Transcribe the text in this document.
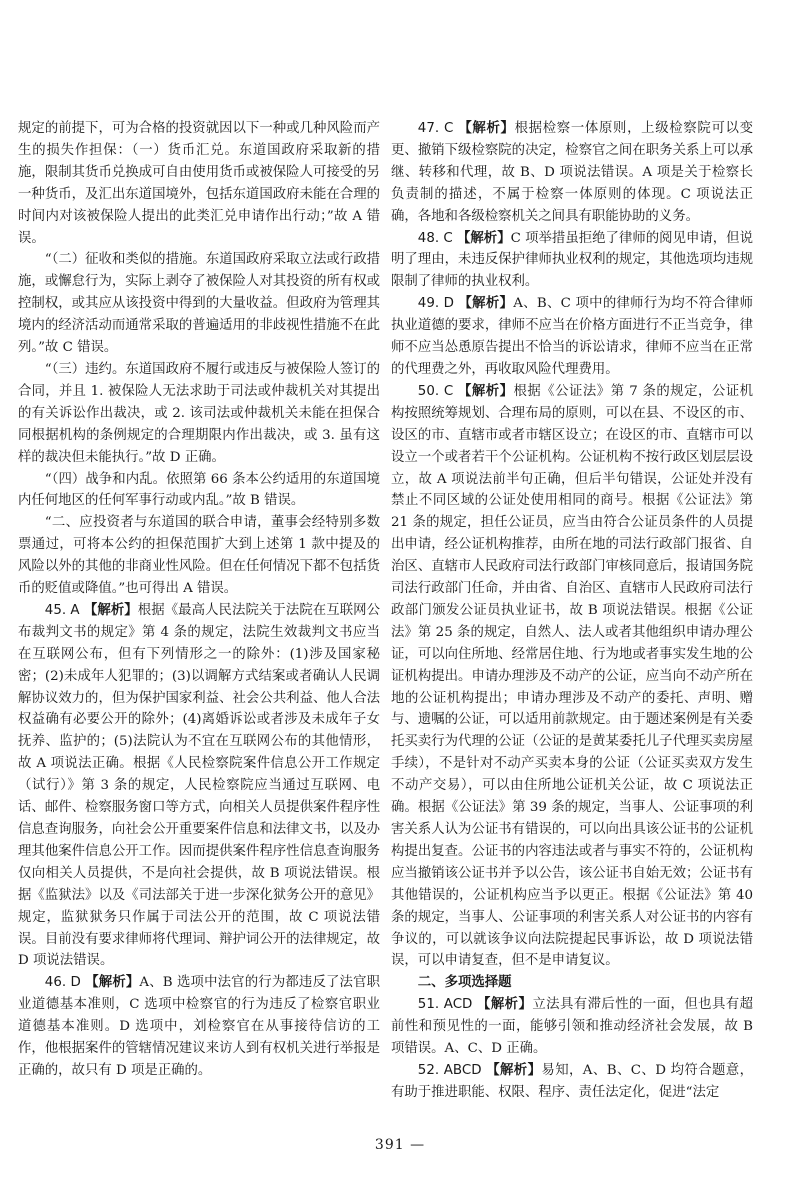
规定的前提下，可为合格的投资就因以下一种或几种风险而产生的损失作担保：（一）货币汇兑。东道国政府采取新的措施，限制其货币兑换成可自由使用货币或被保险人可接受的另一种货币，及汇出东道国境外，包括东道国政府未能在合理的时间内对该被保险人提出的此类汇兑申请作出行动；”故 A 错误。

“（二）征收和类似的措施。东道国政府采取立法或行政措施，或懈怠行为，实际上剥夺了被保险人对其投资的所有权或控制权，或其应从该投资中得到的大量收益。但政府为管理其境内的经济活动而通常采取的普遍适用的非歧视性措施不在此列。”故 C 错误。

“（三）违约。东道国政府不履行或违反与被保险人签订的合同，并且 1. 被保险人无法求助于司法或仲裁机关对其提出的有关诉讼作出裁决，或 2. 该司法或仲裁机关未能在担保合同根据机构的条例规定的合理期限内作出裁决，或 3. 虽有这样的裁决但未能执行。”故 D 正确。

“（四）战争和内乱。依照第 66 条本公约适用的东道国境内任何地区的任何军事行动或内乱。”故 B 错误。

“二、应投资者与东道国的联合申请，董事会经特别多数票通过，可将本公约的担保范围扩大到上述第 1 款中提及的风险以外的其他的非商业性风险。但在任何情况下都不包括货币的贬值或降值。”也可得出 A 错误。

45. A 【解析】根据《最高人民法院关于法院在互联网公布裁判文书的规定》第 4 条的规定，法院生效裁判文书应当在互联网公布，但有下列情形之一的除外：(1)涉及国家秘密；(2)未成年人犯罪的；(3)以调解方式结案或者确认人民调解协议效力的，但为保护国家利益、社会公共利益、他人合法权益确有必要公开的除外；(4)离婚诉讼或者涉及未成年子女抚养、监护的；(5)法院认为不宜在互联网公布的其他情形，故 A 项说法正确。根据《人民检察院案件信息公开工作规定（试行）》第 3 条的规定，人民检察院应当通过互联网、电话、邮件、检察服务窗口等方式，向相关人员提供案件程序性信息查询服务，向社会公开重要案件信息和法律文书，以及办理其他案件信息公开工作。因而提供案件程序性信息查询服务仅向相关人员提供，不是向社会提供，故 B 项说法错误。根据《监狱法》以及《司法部关于进一步深化狱务公开的意见》规定，监狱狱务只作属于司法公开的范围，故 C 项说法错误。目前没有要求律师将代理词、辩护词公开的法律规定，故 D 项说法错误。

46. D 【解析】A、B 选项中法官的行为都违反了法官职业道德基本准则，C 选项中检察官的行为违反了检察官职业道德基本准则。D 选项中，刘检察官在从事接待信访的工作，他根据案件的管辖情况建议来访人到有权机关进行举报是正确的，故只有 D 项是正确的。

47. C 【解析】根据检察一体原则，上级检察院可以变更、撤销下级检察院的决定，检察官之间在职务关系上可以承继、转移和代理，故 B、D 项说法错误。A 项是关于检察长负责制的描述，不属于检察一体原则的体现。C 项说法正确，各地和各级检察机关之间具有职能协助的义务。

48. C 【解析】C 项举措虽拒绝了律师的阅见申请，但说明了理由，未违反保护律师执业权利的规定，其他选项均违规限制了律师的执业权利。

49. D 【解析】A、B、C 项中的律师行为均不符合律师执业道德的要求，律师不应当在价格方面进行不正当竞争，律师不应当怂恿原告提出不恰当的诉讼请求，律师不应当在正常的代理费之外，再收取风险代理费用。

50. C 【解析】根据《公证法》第 7 条的规定，公证机构按照统筹规划、合理布局的原则，可以在县、不设区的市、设区的市、直辖市或者市辖区设立；在设区的市、直辖市可以设立一个或者若干个公证机构。公证机构不按行政区划层层设立，故 A 项说法前半句正确，但后半句错误，公证处并没有禁止不同区域的公证处使用相同的商号。根据《公证法》第 21 条的规定，担任公证员，应当由符合公证员条件的人员提出申请，经公证机构推荐，由所在地的司法行政部门报省、自治区、直辖市人民政府司法行政部门审核同意后，报请国务院司法行政部门任命，并由省、自治区、直辖市人民政府司法行政部门颁发公证员执业证书，故 B 项说法错误。根据《公证法》第 25 条的规定，自然人、法人或者其他组织申请办理公证，可以向住所地、经常居住地、行为地或者事实发生地的公证机构提出。申请办理涉及不动产的公证，应当向不动产所在地的公证机构提出；申请办理涉及不动产的委托、声明、赠与、遗嘱的公证，可以适用前款规定。由于题述案例是有关委托买卖行为代理的公证（公证的是黄某委托儿子代理买卖房屋手续），不是针对不动产买卖本身的公证（公证买卖双方发生不动产交易），可以由住所地公证机关公证，故 C 项说法正确。根据《公证法》第 39 条的规定，当事人、公证事项的利害关系人认为公证书有错误的，可以向出具该公证书的公证机构提出复查。公证书的内容违法或者与事实不符的，公证机构应当撤销该公证书并予以公告，该公证书自始无效；公证书有其他错误的，公证机构应当予以更正。根据《公证法》第 40 条的规定，当事人、公证事项的利害关系人对公证书的内容有争议的，可以就该争议向法院提起民事诉讼，故 D 项说法错误，可以申请复查，但不是申请复议。

二、多项选择题

51. ACD 【解析】立法具有滞后性的一面，但也具有超前性和预见性的一面，能够引领和推动经济社会发展，故 B 项错误。A、C、D 正确。

52. ABCD 【解析】易知，A、B、C、D 均符合题意，有助于推进职能、权限、程序、责任法定化，促进“法定

391 —
